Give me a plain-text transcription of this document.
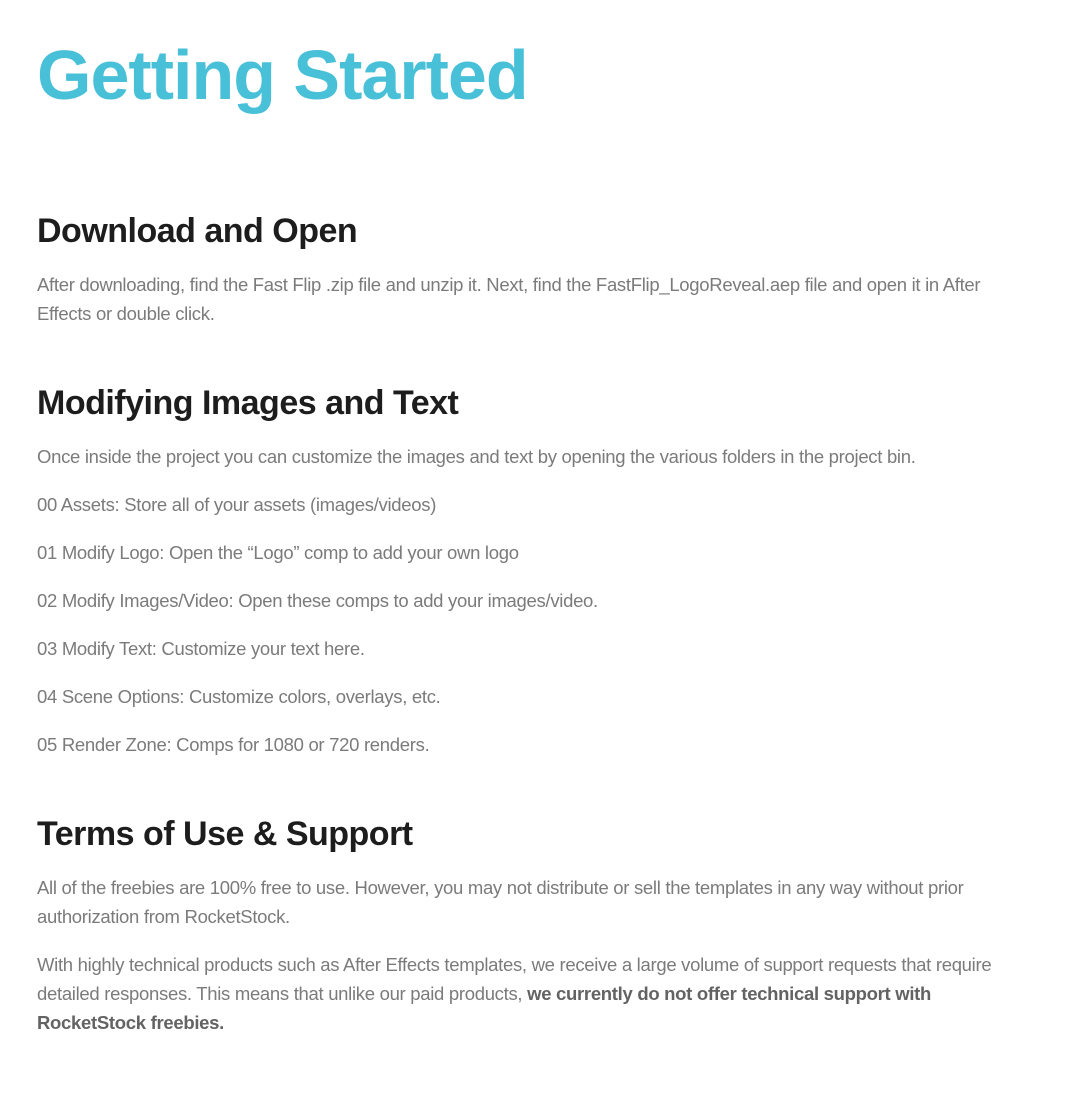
Getting Started
Download and Open

After downloading, find the Fast Flip .zip file and unzip it. Next, find the FastFlip_LogoReveal.aep file and open it in After Effects or double click.

Modifying Images and Text

Once inside the project you can customize the images and text by opening the various folders in the project bin.

00 Assets: Store all of your assets (images/videos)

01 Modify Logo: Open the “Logo” comp to add your own logo

02 Modify Images/Video: Open these comps to add your images/video.

03 Modify Text: Customize your text here.

04 Scene Options: Customize colors, overlays, etc.

05 Render Zone: Comps for 1080 or 720 renders.

Terms of Use & Support

All of the freebies are 100% free to use. However, you may not distribute or sell the templates in any way without prior authorization from RocketStock.

With highly technical products such as After Effects templates, we receive a large volume of support requests that require detailed responses. This means that unlike our paid products, we currently do not offer technical support with RocketStock freebies.
